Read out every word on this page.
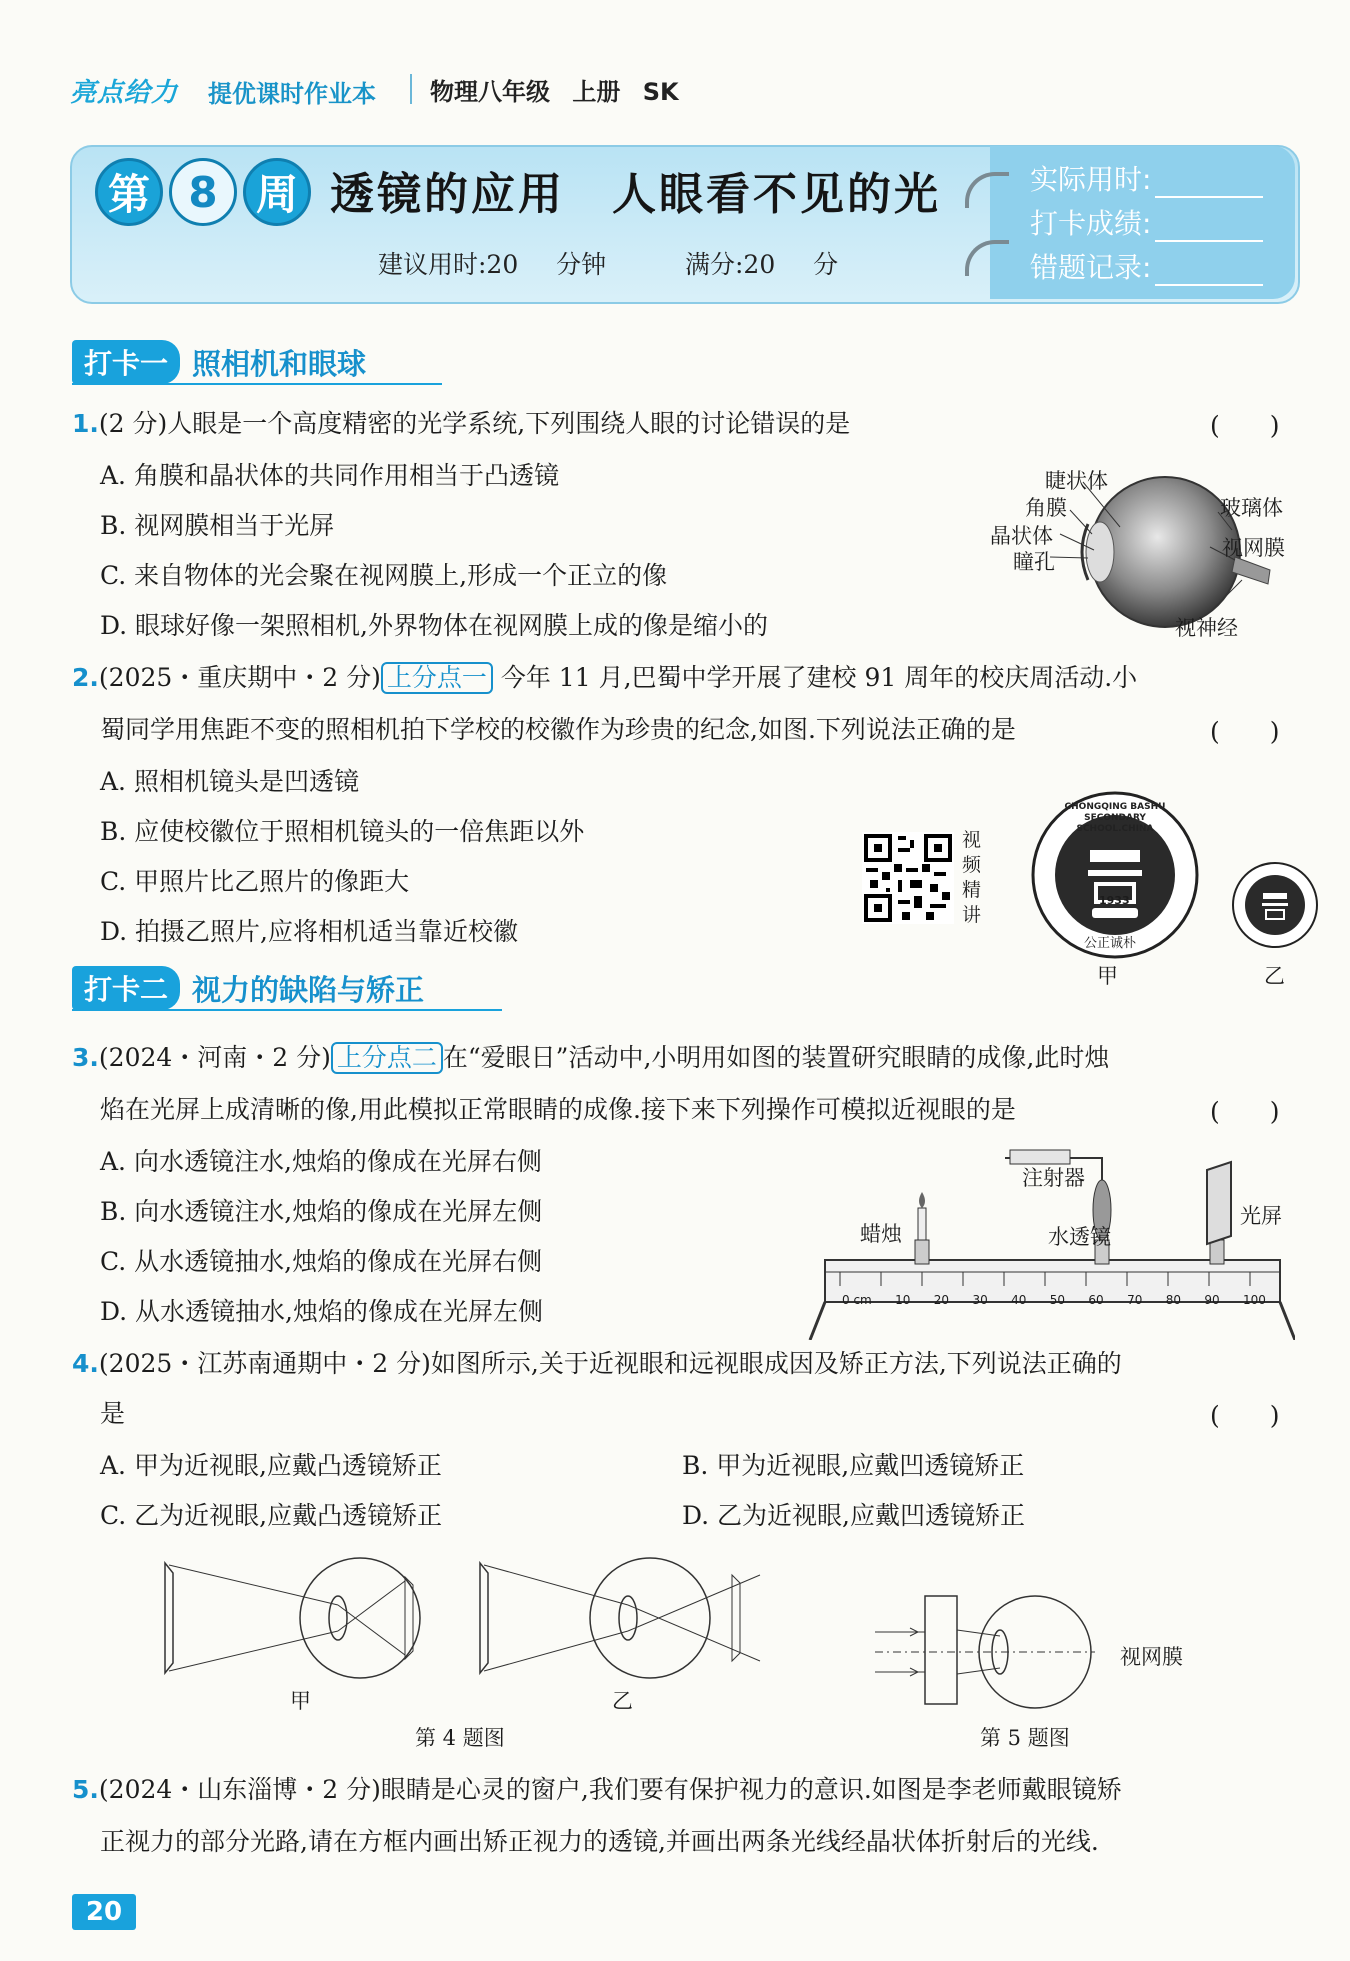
亮点给力 提优课时作业本 物理八年级 上册 SK
第 8 周 透镜的应用　人眼看不见的光
建议用时:20 分钟	满分:20 分
实际用时:
打卡成绩:
错题记录:
打卡一 照相机和眼球
1.(2 分)人眼是一个高度精密的光学系统,下列围绕人眼的讨论错误的是	(　　)
A. 角膜和晶状体的共同作用相当于凸透镜
B. 视网膜相当于光屏
C. 来自物体的光会聚在视网膜上,形成一个正立的像
D. 眼球好像一架照相机,外界物体在视网膜上成的像是缩小的
睫状体
角膜
晶状体
瞳孔
玻璃体
视网膜
视神经
2.(2025・重庆期中・2 分) 上分点一 今年 11 月,巴蜀中学开展了建校 91 周年的校庆周活动.小
蜀同学用焦距不变的照相机拍下学校的校徽作为珍贵的纪念,如图.下列说法正确的是	(　　)
A. 照相机镜头是凹透镜
B. 应使校徽位于照相机镜头的一倍焦距以外
C. 甲照片比乙照片的像距大
D. 拍摄乙照片,应将相机适当靠近校徽
视频精讲
1933
CHONGQING BASHU SECONDARY SCHOOL.CHINA
公正诚朴
甲	乙
打卡二 视力的缺陷与矫正
3.(2024・河南・2 分) 上分点二 在“爱眼日”活动中,小明用如图的装置研究眼睛的成像,此时烛
焰在光屏上成清晰的像,用此模拟正常眼睛的成像.接下来下列操作可模拟近视眼的是	(　　)
A. 向水透镜注水,烛焰的像成在光屏右侧
B. 向水透镜注水,烛焰的像成在光屏左侧
C. 从水透镜抽水,烛焰的像成在光屏右侧
D. 从水透镜抽水,烛焰的像成在光屏左侧
注射器
蜡烛	水透镜
光屏
0 cm 10 20 30 40 50 60 70 80 90 100
4.(2025・江苏南通期中・2 分)如图所示,关于近视眼和远视眼成因及矫正方法,下列说法正确的
是	(　　)
A. 甲为近视眼,应戴凸透镜矫正	B. 甲为近视眼,应戴凹透镜矫正
C. 乙为近视眼,应戴凸透镜矫正	D. 乙为近视眼,应戴凹透镜矫正
甲	乙
第 4 题图
视网膜
第 5 题图
5.(2024・山东淄博・2 分)眼睛是心灵的窗户,我们要有保护视力的意识.如图是李老师戴眼镜矫
正视力的部分光路,请在方框内画出矫正视力的透镜,并画出两条光线经晶状体折射后的光线.
20
